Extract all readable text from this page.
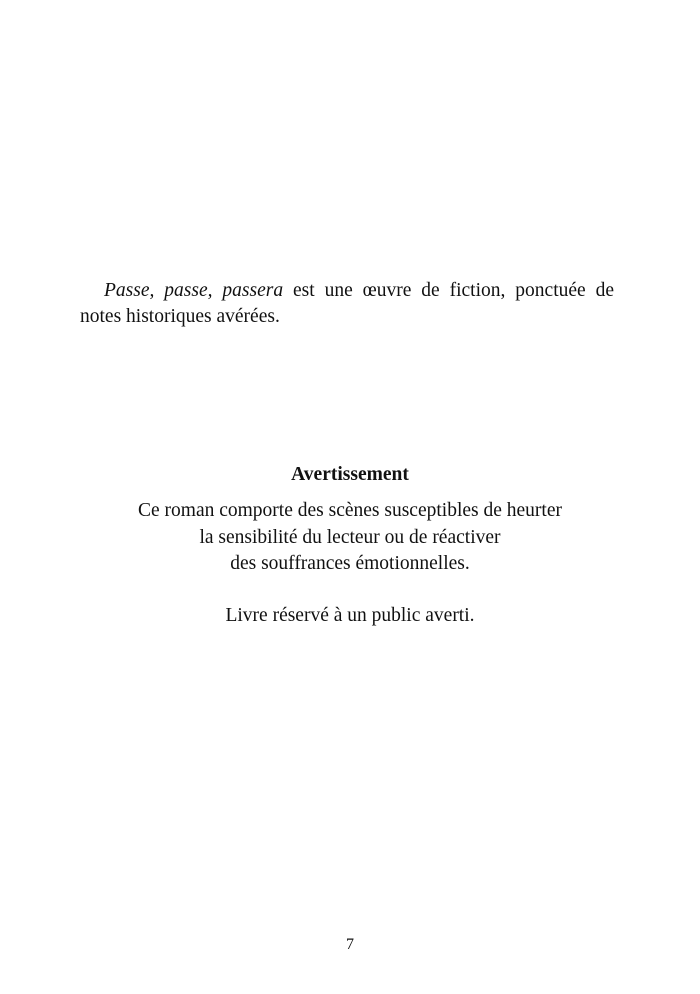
Passe, passe, passera est une œuvre de fiction, ponctuée de notes historiques avérées.

Avertissement
Ce roman comporte des scènes susceptibles de heurter
la sensibilité du lecteur ou de réactiver
des souffrances émotionnelles.
Livre réservé à un public averti.
7
